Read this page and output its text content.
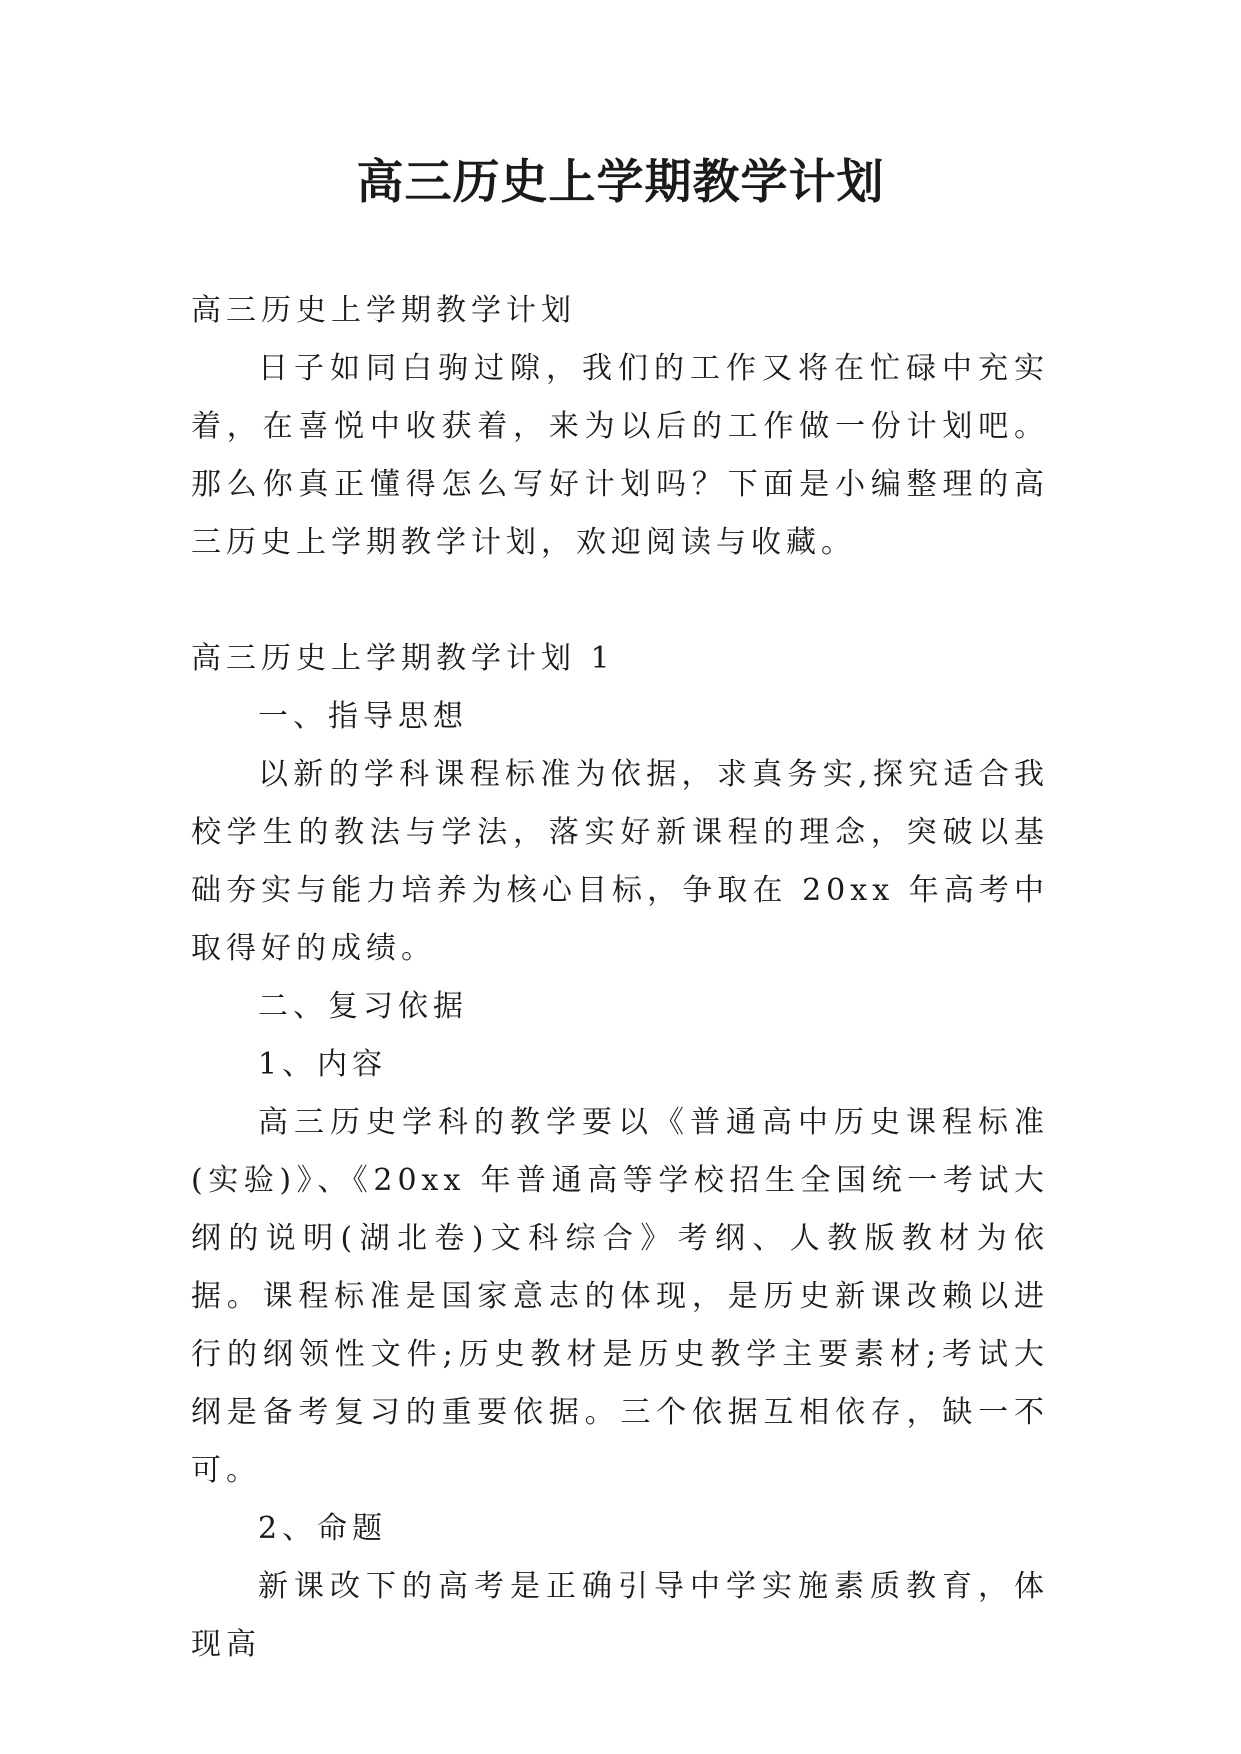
高三历史上学期教学计划

高三历史上学期教学计划

日子如同白驹过隙，我们的工作又将在忙碌中充实着，在喜悦中收获着，来为以后的工作做一份计划吧。那么你真正懂得怎么写好计划吗？下面是小编整理的高三历史上学期教学计划，欢迎阅读与收藏。

高三历史上学期教学计划 1

一、指导思想

以新的学科课程标准为依据，求真务实,探究适合我校学生的教法与学法，落实好新课程的理念，突破以基础夯实与能力培养为核心目标，争取在 20xx 年高考中取得好的成绩。

二、复习依据

1、内容

高三历史学科的教学要以《普通高中历史课程标准(实验)》、《20xx 年普通高等学校招生全国统一考试大纲的说明(湖北卷)文科综合》考纲、人教版教材为依据。课程标准是国家意志的体现，是历史新课改赖以进行的纲领性文件;历史教材是历史教学主要素材;考试大纲是备考复习的重要依据。三个依据互相依存，缺一不可。

2、命题

新课改下的高考是正确引导中学实施素质教育，体现高
